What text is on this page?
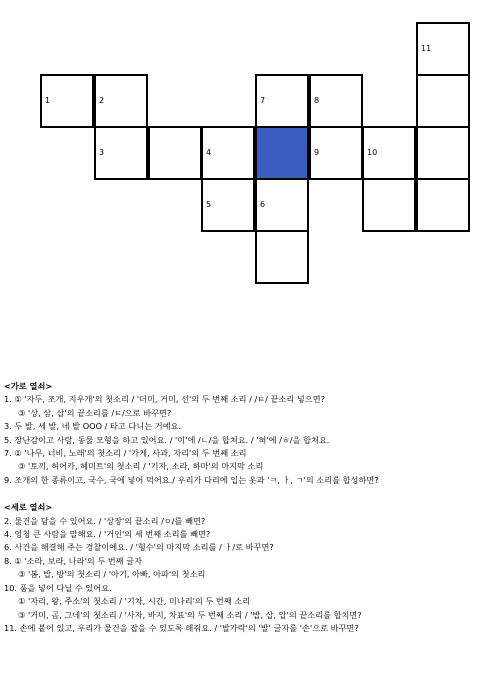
11
1	2	7	8
3	4	9	10
5	6
<가로 열쇠>
1. ① '자두, 조개, 지우개'의 첫소리 / '더미, 거미, 선'의 두 번째 소리 / /ㅌ/ 끝소리 넣으면?
③ '상, 삼, 삽'의 끝소리를 /ㅌ/으로 바꾸면?
3. 두 발, 세 발, 네 발 OOO / 타고 다니는 거예요.
5. 장난감이고 사람, 동물 모형을 하고 있어요. / '이'에 /ㄴ/을 합쳐요. / '혀'에 /ㅎ/을 합쳐요.
7. ① '나무, 너비, 노래'의 첫소리 / '가게, 사과, 자리'의 두 번째 소리
③ '토끼, 허어카, 헤미트'의 첫소리 / '기자, 소라, 하마'의 마지막 소리
9. 조개의 한 종류이고, 국수, 국에 넣어 먹어요./ 우리가 다리에 입는 옷과 'ㅋ, ㅏ, ㄱ'의 소리를 합성하면?
<세로 열쇠>
2. 물건을 담을 수 있어요. / '상장'의 끝소리 /ㅇ/를 빼면?
4. 엉청 큰 사람을 말해요. / '거인'의 세 번째 소리를 빼면?
6. 사건을 해결해 주는 경찰이에요. / '형수'의 마지막 소리를 / ㅏ/로 바꾸면?
8. ① '소라, 보라, 나라'의 두 번째 글자
③ '봄, 밥, 방'의 첫소리 / '아기, 아빠, 아파'의 첫소리
10. 품을 넣어 다닐 수 있어요.
① '자리, 왕, 주소'의 첫소리 / '기차, 시간, 미나리'의 두 번째 소리
③ '거미, 곰, 그네'의 첫소리 / '사자, 바지, 차표'의 두 번째 소리 / '밥, 삽, 압'의 끝소리를 합치면?
11. 손에 붙어 있고, 우리가 물건을 잡을 수 있도록 해줘요. / '발가락'의 '발' 글자를 '손'으로 바꾸면?
